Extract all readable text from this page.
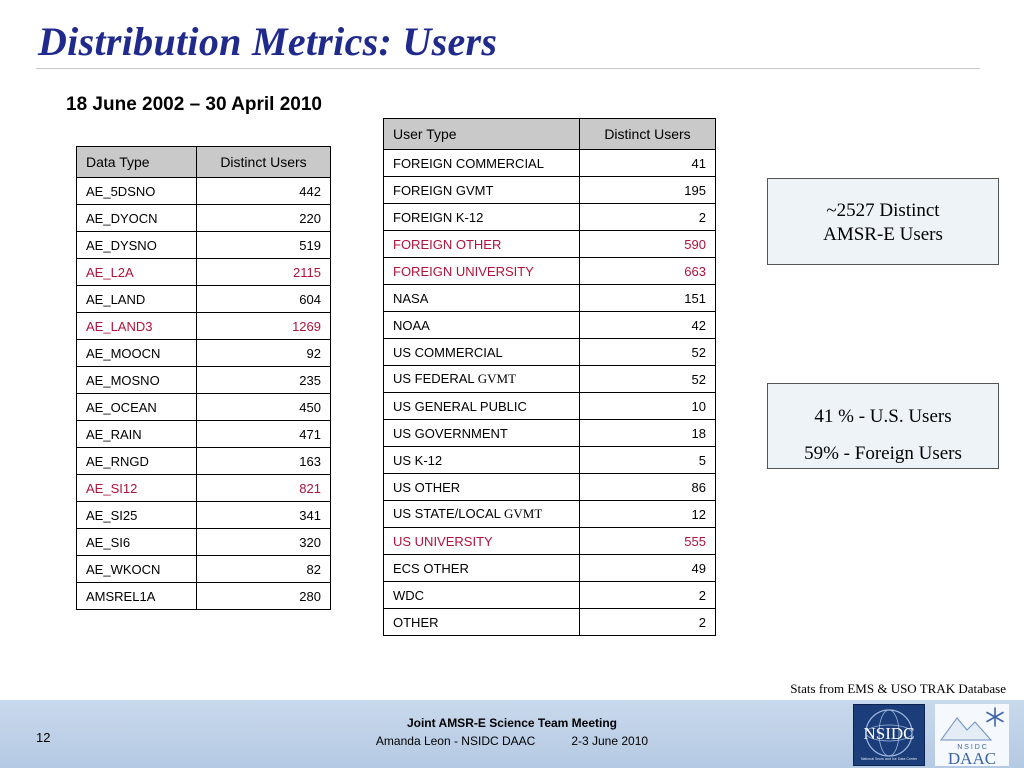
Distribution Metrics: Users
18 June 2002 – 30 April 2010
Data Type	Distinct Users
AE_5DSNO	442
AE_DYOCN	220
AE_DYSNO	519
AE_L2A	2115
AE_LAND	604
AE_LAND3	1269
AE_MOOCN	92
AE_MOSNO	235
AE_OCEAN	450
AE_RAIN	471
AE_RNGD	163
AE_SI12	821
AE_SI25	341
AE_SI6	320
AE_WKOCN	82
AMSREL1A	280
User Type	Distinct Users
FOREIGN COMMERCIAL	41
FOREIGN GVMT	195
FOREIGN K-12	2
FOREIGN OTHER	590
FOREIGN UNIVERSITY	663
NASA	151
NOAA	42
US COMMERCIAL	52
US FEDERAL GVMT	52
US GENERAL PUBLIC	10
US GOVERNMENT	18
US K-12	5
US OTHER	86
US STATE/LOCAL GVMT	12
US UNIVERSITY	555
ECS OTHER	49
WDC	2
OTHER	2
~2527 Distinct
AMSR-E Users
41 % - U.S. Users
59% - Foreign Users
Stats from EMS & USO TRAK Database
12
Joint AMSR-E Science Team Meeting
Amanda Leon - NSIDC DAAC	2-3 June 2010	NSIDC
National Snow and Ice Data Center
N S I D C
DAAC
